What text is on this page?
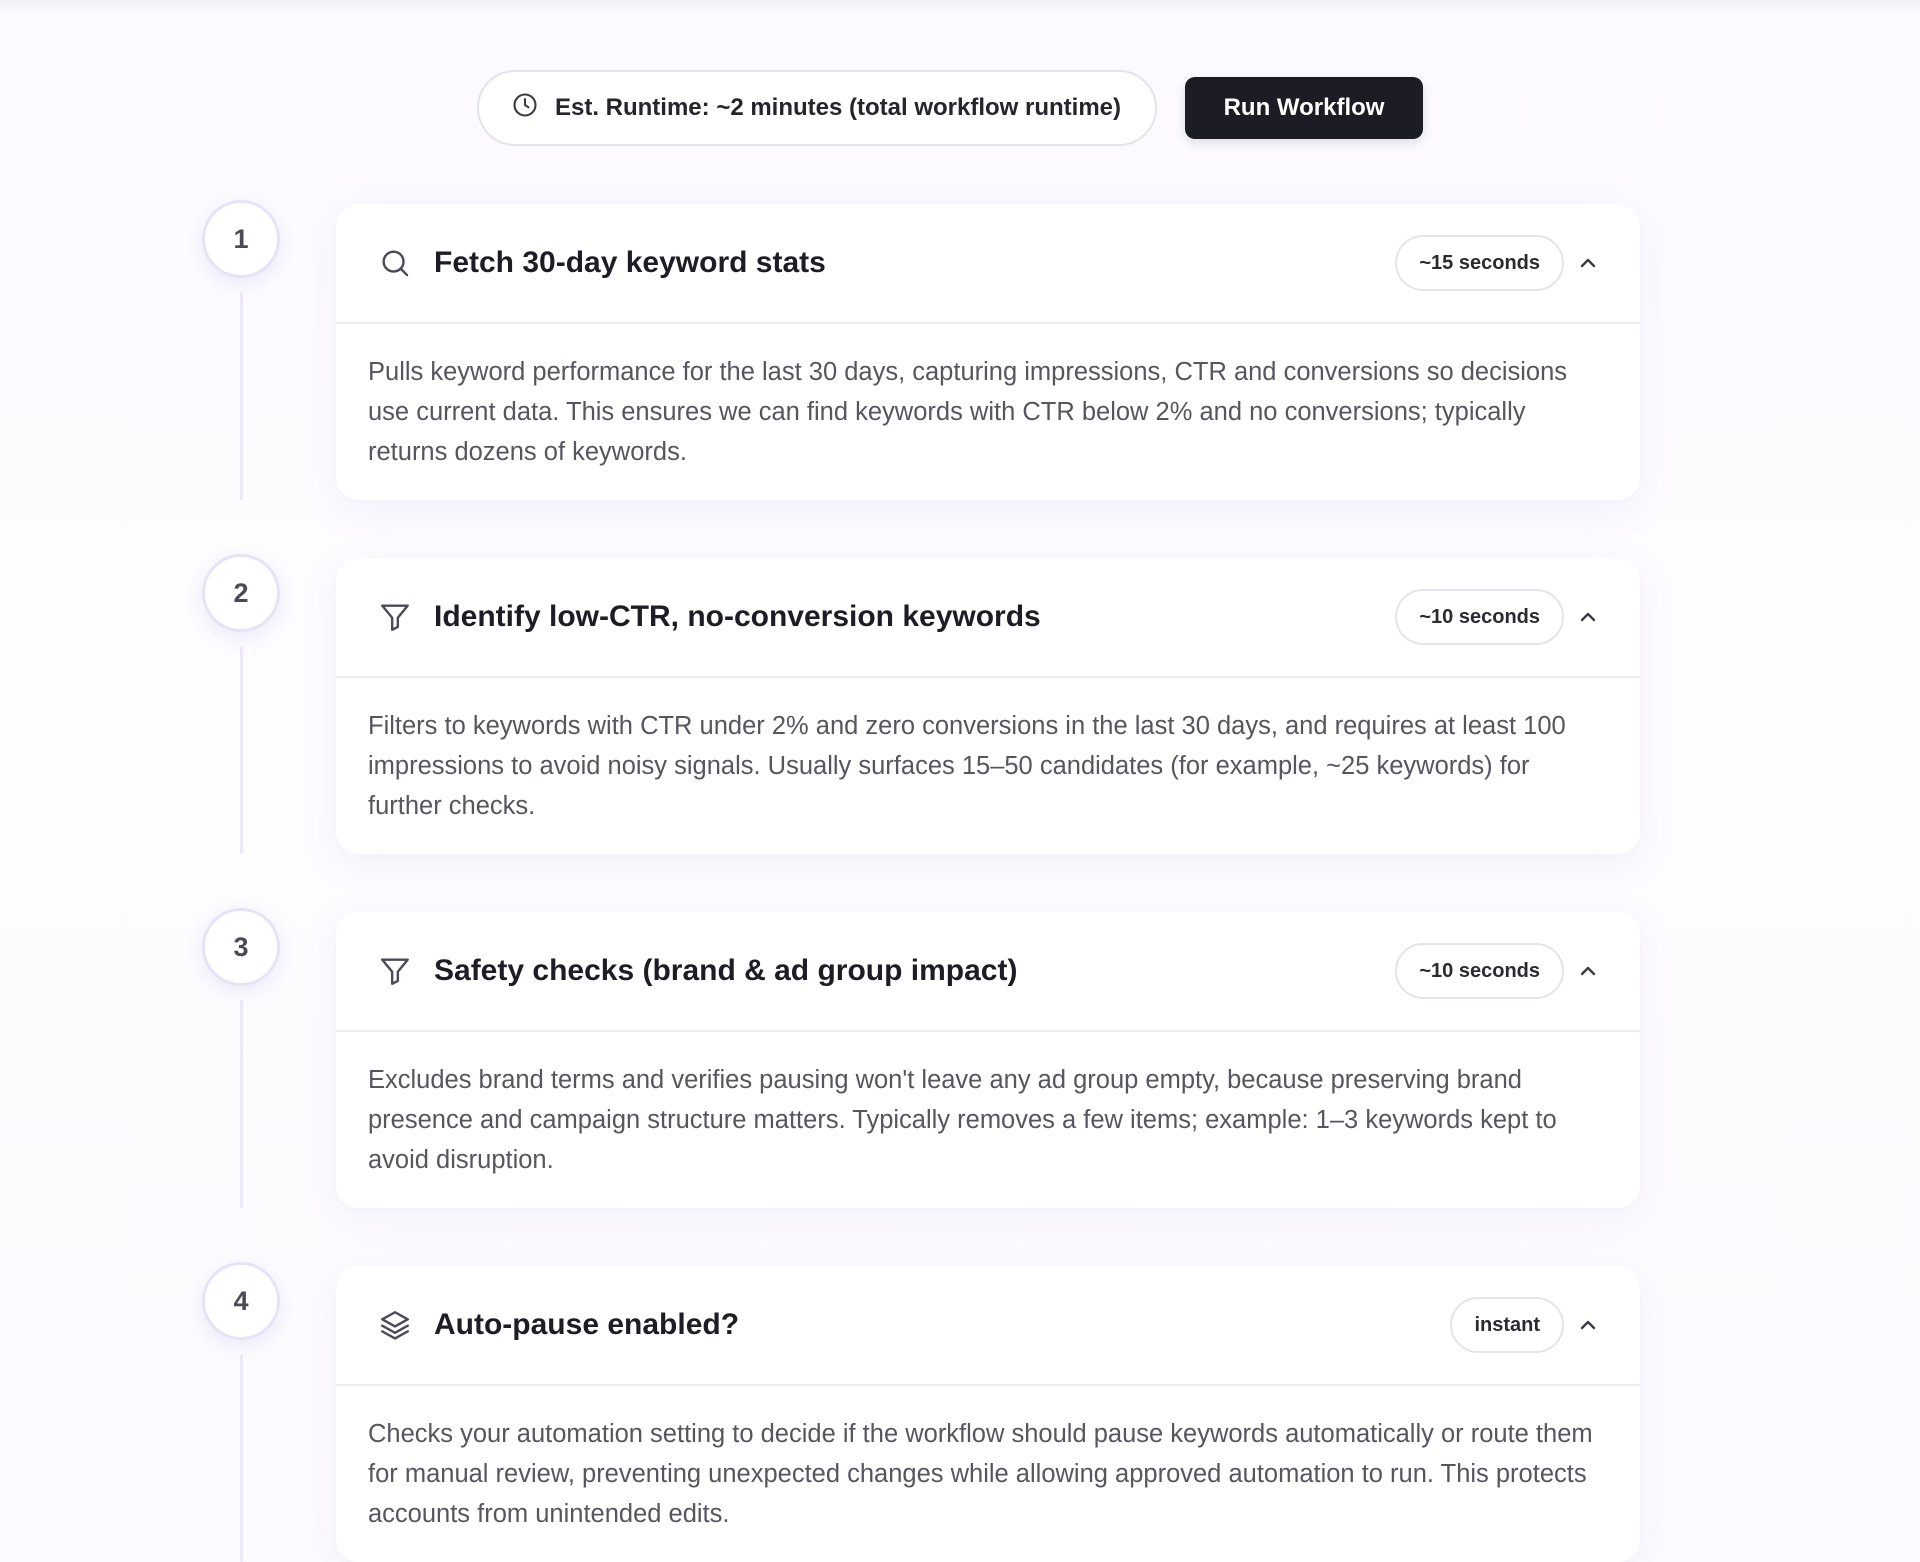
Est. Runtime: ~2 minutes (total workflow runtime)	Run Workflow
1
Fetch 30-day keyword stats	~15 seconds
Pulls keyword performance for the last 30 days, capturing impressions, CTR and conversions so decisions use current data. This ensures we can find keywords with CTR below 2% and no conversions; typically returns dozens of keywords.
2
Identify low-CTR, no-conversion keywords	~10 seconds
Filters to keywords with CTR under 2% and zero conversions in the last 30 days, and requires at least 100 impressions to avoid noisy signals. Usually surfaces 15–50 candidates (for example, ~25 keywords) for further checks.
3
Safety checks (brand & ad group impact)	~10 seconds
Excludes brand terms and verifies pausing won't leave any ad group empty, because preserving brand presence and campaign structure matters. Typically removes a few items; example: 1–3 keywords kept to avoid disruption.
4
Auto-pause enabled?	instant
Checks your automation setting to decide if the workflow should pause keywords automatically or route them for manual review, preventing unexpected changes while allowing approved automation to run. This protects accounts from unintended edits.
